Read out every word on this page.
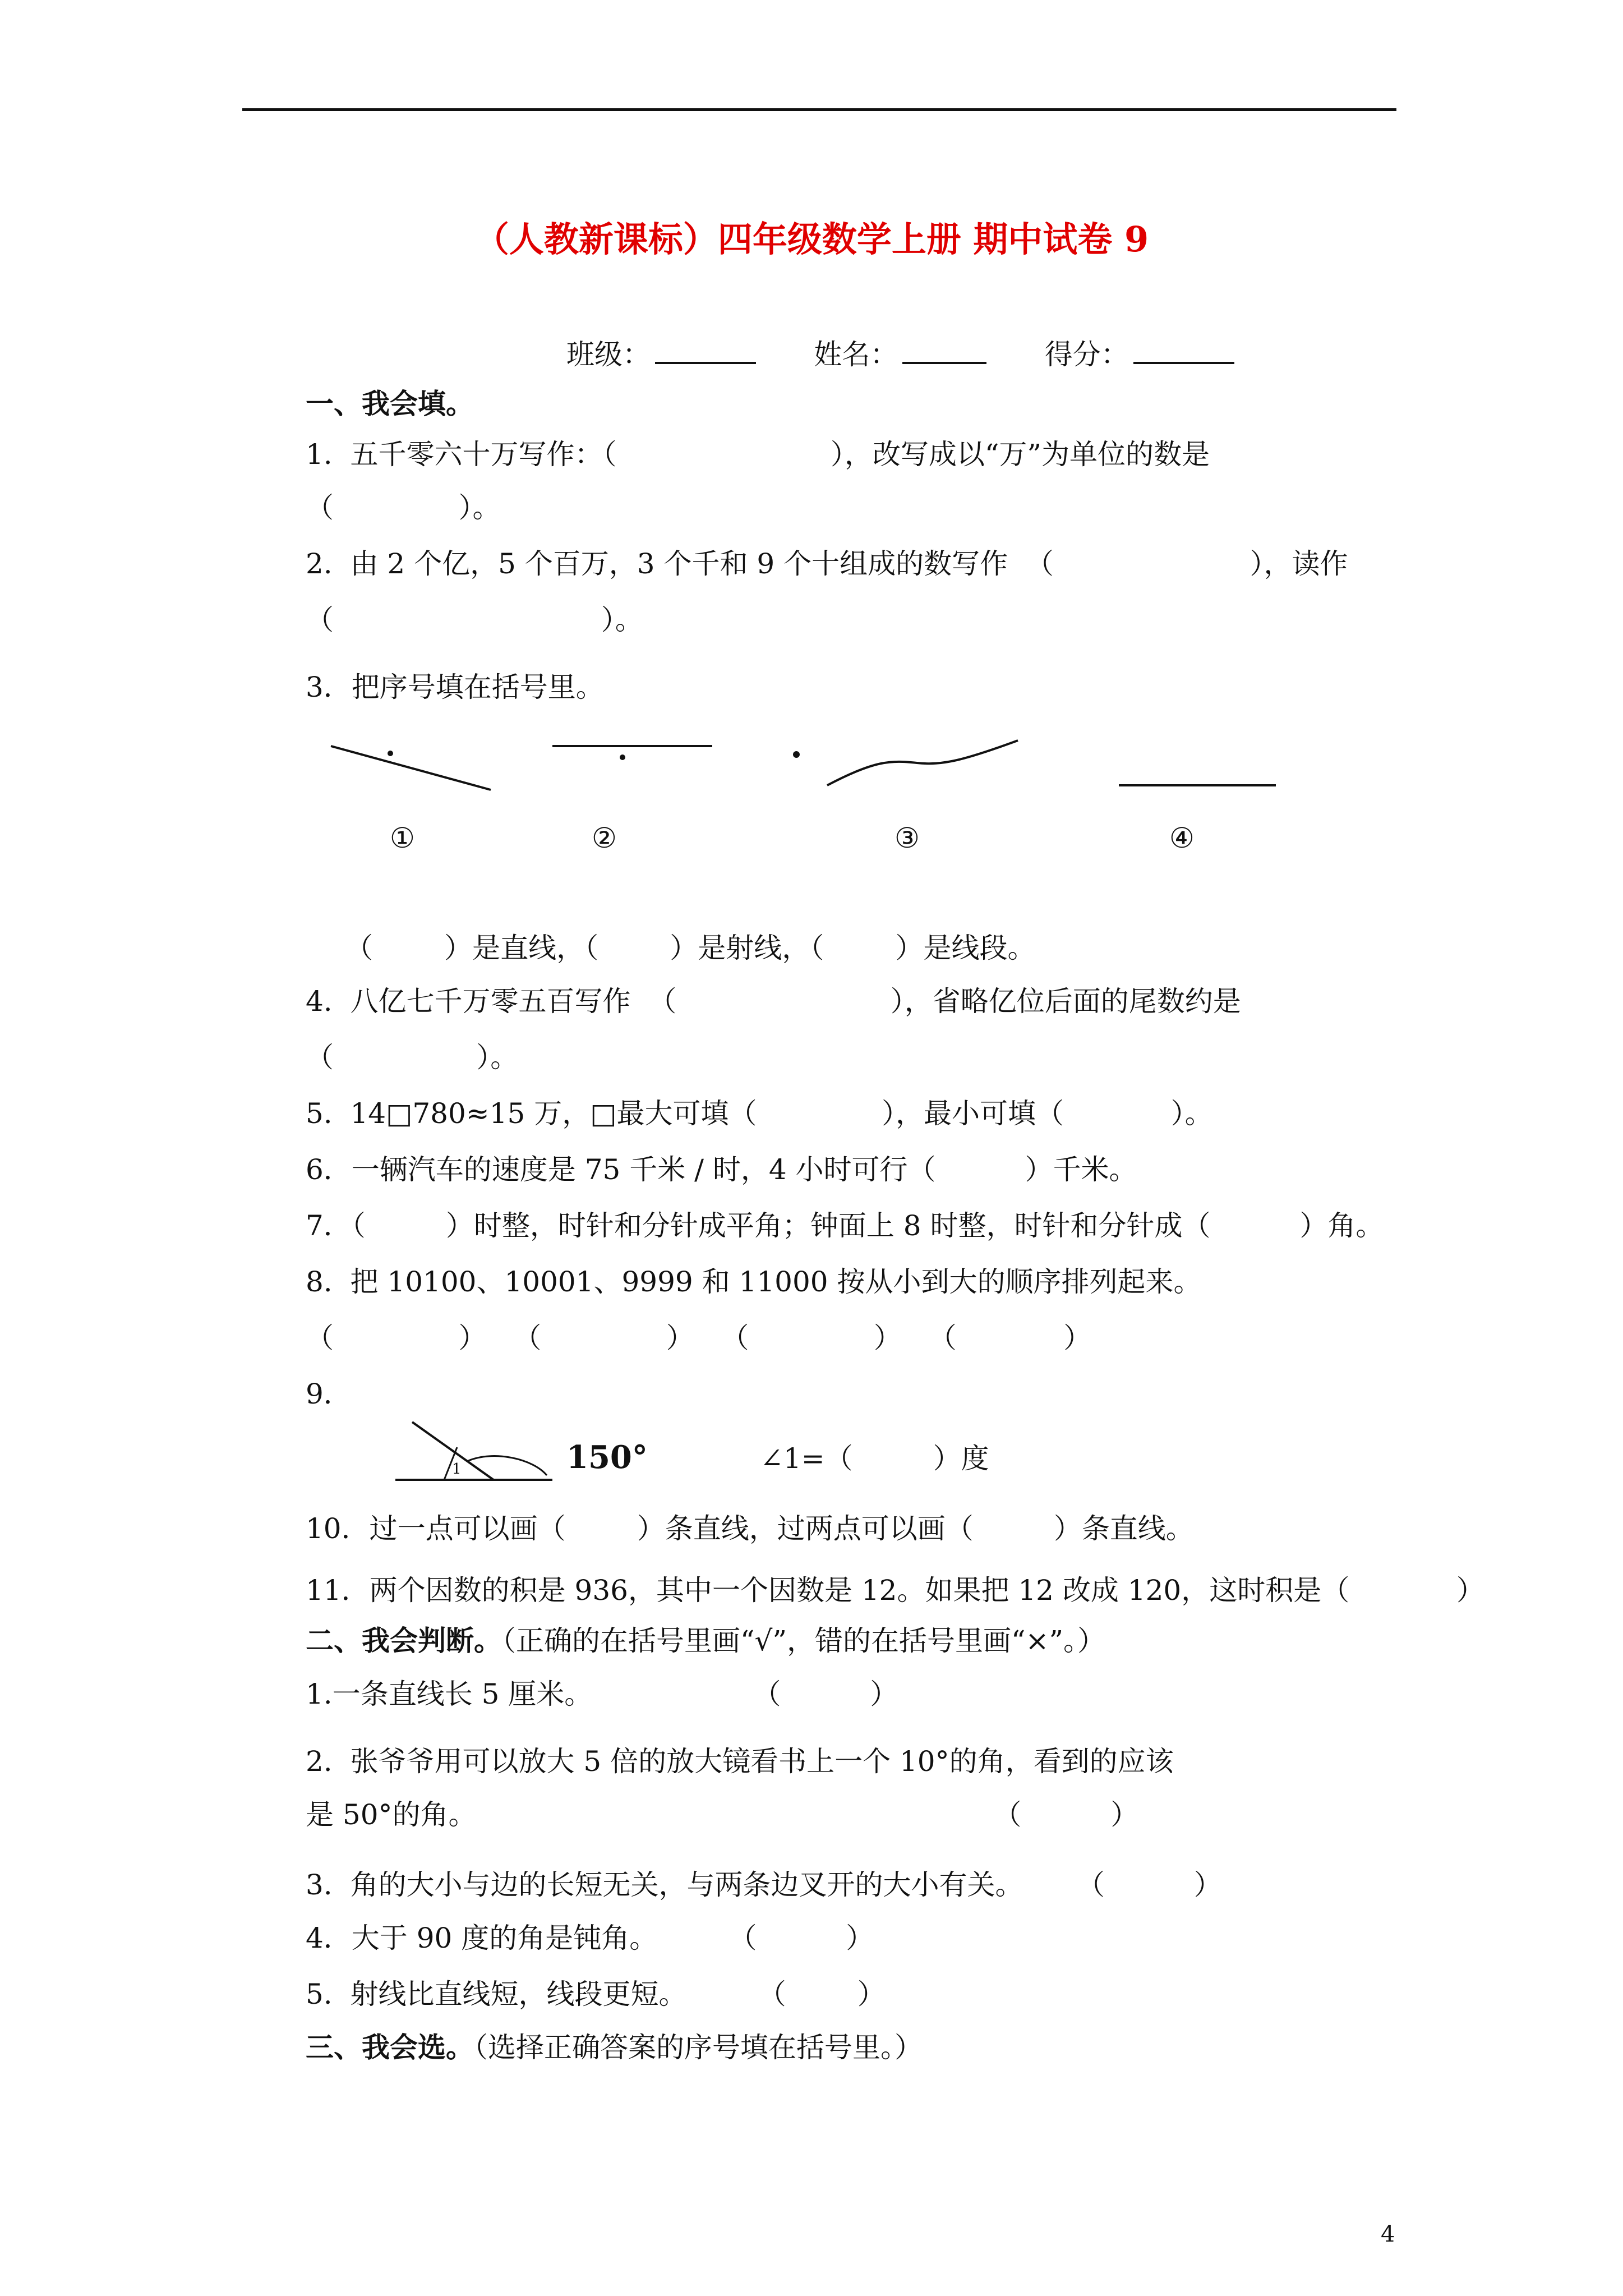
（人教新课标）四年级数学上册 期中试卷 9
班级：	姓名：	得分：
一、我会填。
1.  五千零六十万写作：（                        ），改写成以“万”为单位的数是
（              ）。
2.  由 2 个亿，5 个百万，3 个千和 9 个十组成的数写作  （                      ），读作
（                              ）。
3．把序号填在括号里。
①	②	③	④
（        ）是直线，（        ）是射线，（        ）是线段。
4.  八亿七千万零五百写作  （                        ），省略亿位后面的尾数约是
（                ）。
5.  14□780≈15 万，□最大可填（              ），最小可填（            ）。
6．一辆汽车的速度是 75 千米 / 时，4 小时可行（          ）千米。
7．（         ）时整，时针和分针成平角；钟面上 8 时整，时针和分针成（          ）角。
8.  把 10100、10001、9999 和 11000 按从小到大的顺序排列起来。
（              ）   （              ）   （              ）   （            ）
9．
1	150°	∠1=（         ）度
10．过一点可以画（        ）条直线，过两点可以画（         ）条直线。
11．两个因数的积是 936，其中一个因数是 12。如果把 12 改成 120，这时积是（            ）
二、我会判断。（正确的在括号里画“√”，错的在括号里画“×”。）
1.一条直线长 5 厘米。                  （          ）
2.  张爷爷用可以放大 5 倍的放大镜看书上一个 10°的角，看到的应该
是 50°的角。                                                          （          ）
3.  角的大小与边的长短无关，与两条边叉开的大小有关。      （          ）
4．大于 90 度的角是钝角。        （          ）
5.  射线比直线短，线段更短。        （        ）
三、我会选。（选择正确答案的序号填在括号里。）
4
